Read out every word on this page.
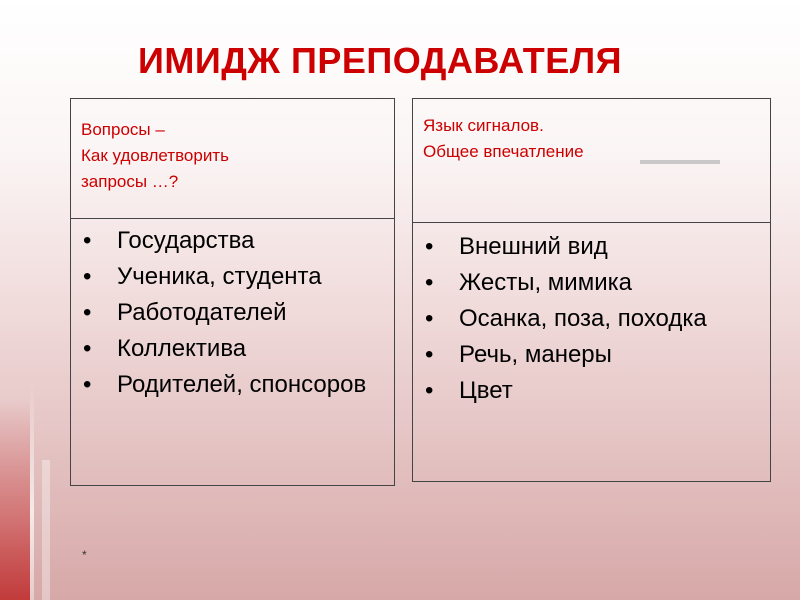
ИМИДЖ ПРЕПОДАВАТЕЛЯ
Вопросы –
Как удовлетворить
запросы …?
• Государства
• Ученика, студента
• Работодателей
• Коллектива
• Родителей, спонсоров
Язык сигналов.
Общее впечатление
• Внешний вид
• Жесты, мимика
• Осанка, поза, походка
• Речь, манеры
• Цвет
*
